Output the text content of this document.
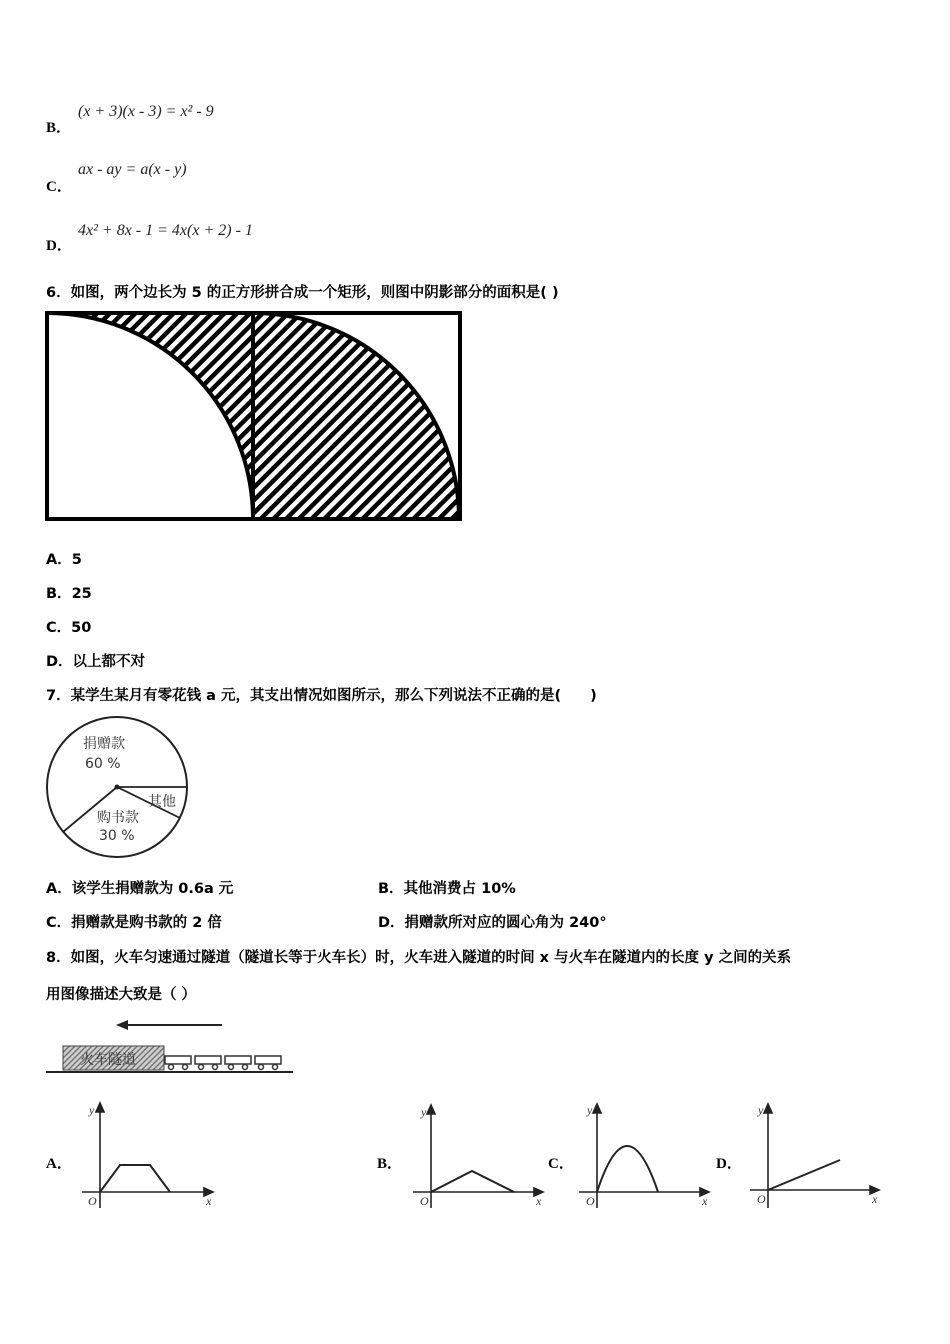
B．
(x + 3)(x - 3) = x² - 9
C．
ax - ay = a(x - y)
D．
4x² + 8x - 1 = 4x(x + 2) - 1
6．如图，两个边长为 5 的正方形拼合成一个矩形，则图中阴影部分的面积是( )
A．5
B．25
C．50
D．以上都不对
7．某学生某月有零花钱 a 元，其支出情况如图所示，那么下列说法不正确的是(　　)
捐赠款
60 %
购书款
30 %
其他
A．该学生捐赠款为 0.6a 元	B．其他消费占 10%
C．捐赠款是购书款的 2 倍	D．捐赠款所对应的圆心角为 240°
8．如图，火车匀速通过隧道（隧道长等于火车长）时，火车进入隧道的时间 x 与火车在隧道内的长度 y 之间的关系
用图像描述大致是（ ）
火车隧道
A．	B．	C．	D．
y
x
O
y
x
O
y
x
O
y
x
O
